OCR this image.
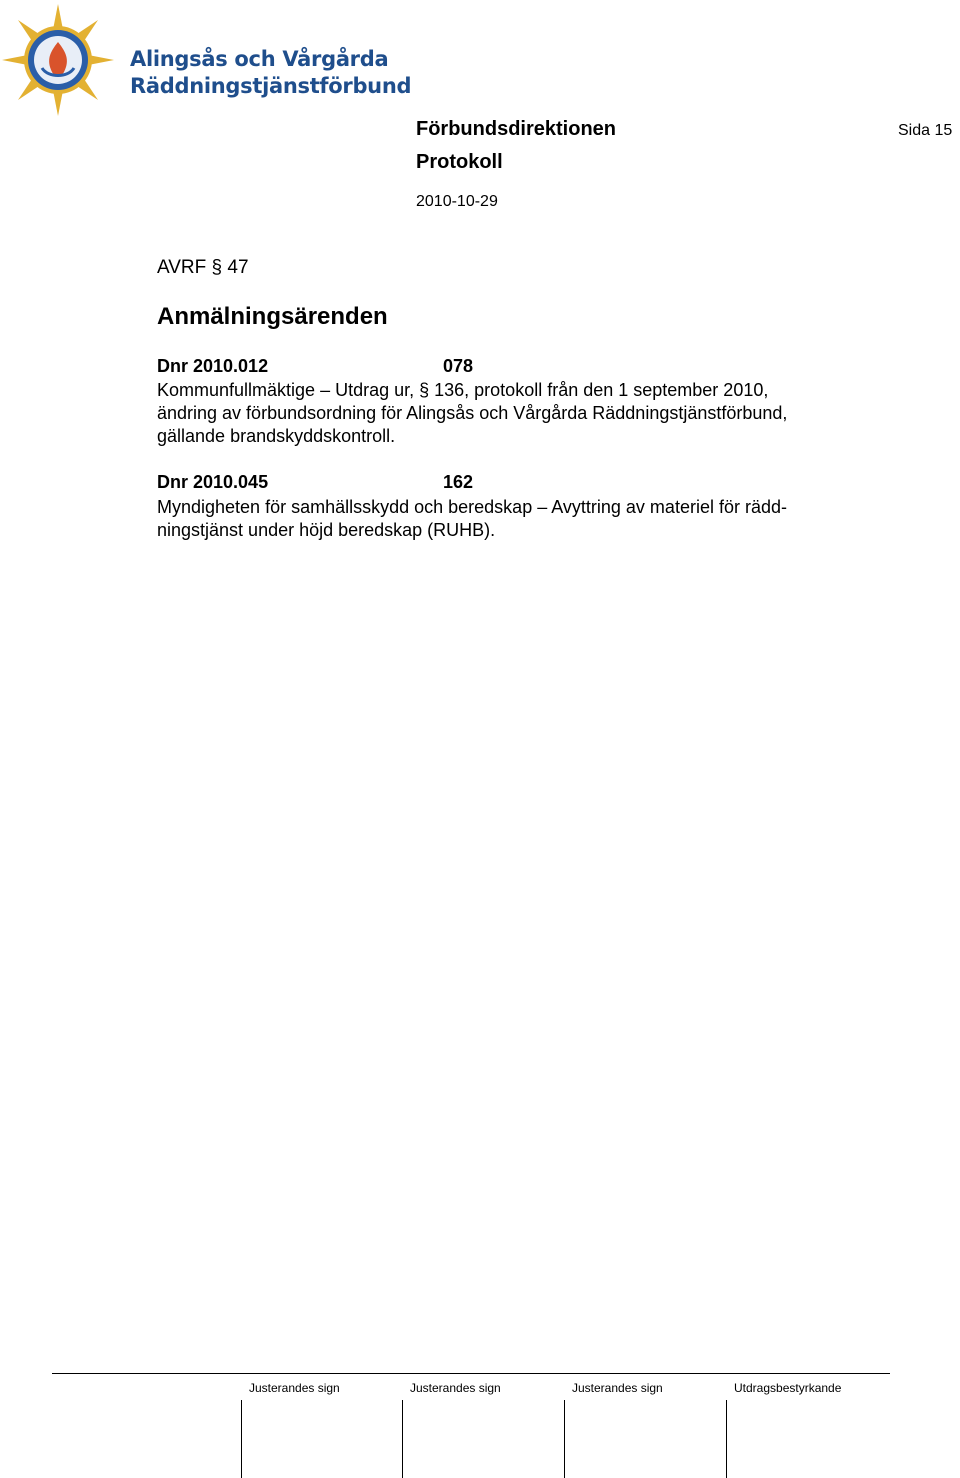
Alingsås och Vårgårda
Räddningstjänstförbund
Förbundsdirektionen
Protokoll
2010-10-29
Sida 15
AVRF § 47
Anmälningsärenden
Dnr 2010.012	078
Kommunfullmäktige – Utdrag ur, § 136, protokoll från den 1 september 2010,
ändring av förbundsordning för Alingsås och Vårgårda Räddningstjänstförbund,
gällande brandskyddskontroll.
Dnr 2010.045	162
Myndigheten för samhällsskydd och beredskap – Avyttring av materiel för rädd-
ningstjänst under höjd beredskap (RUHB).
Justerandes sign	Justerandes sign	Justerandes sign	Utdragsbestyrkande
